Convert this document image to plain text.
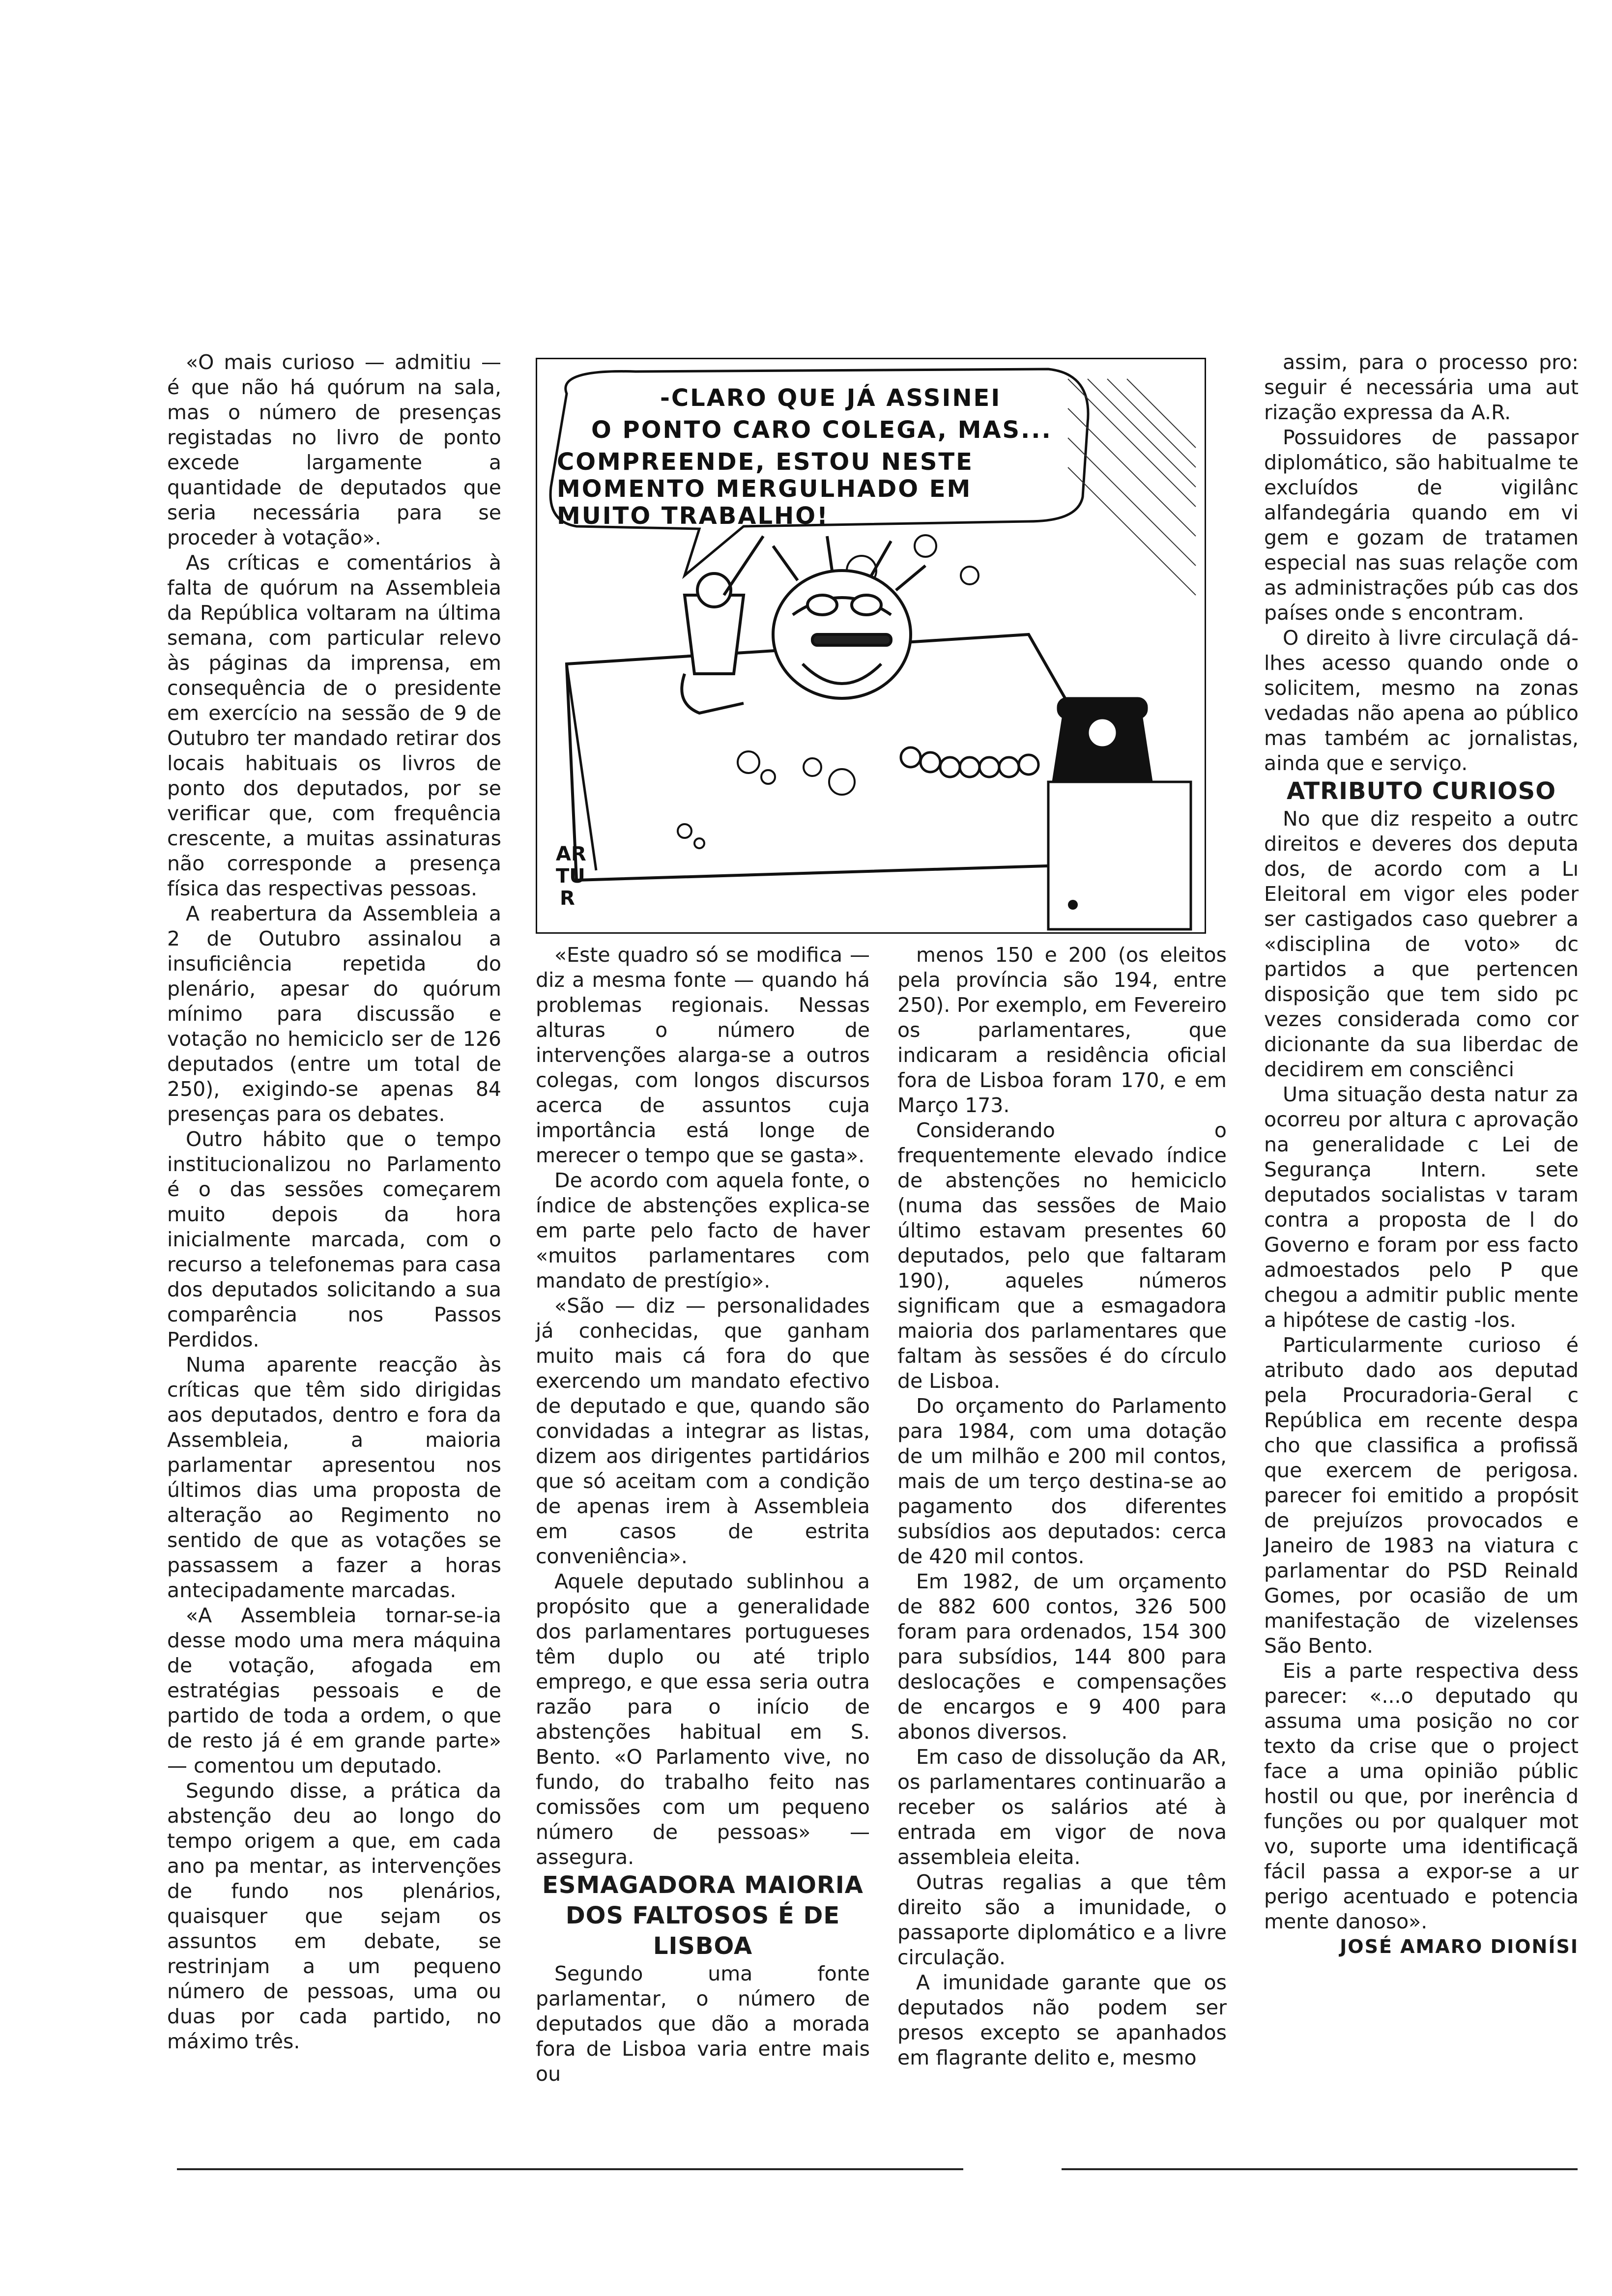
«O mais curioso — admitiu — é que não há quórum na sala, mas o número de presenças registadas no livro de ponto excede largamente a quantidade de deputados que seria necessária para se proceder à votação».

As críticas e comentários à falta de quórum na Assembleia da República voltaram na última semana, com particular relevo às páginas da imprensa, em consequência de o presidente em exercício na sessão de 9 de Outubro ter mandado retirar dos locais habituais os livros de ponto dos deputados, por se verificar que, com frequência crescente, a muitas assinaturas não corresponde a presença física das respectivas pessoas.

A reabertura da Assembleia a 2 de Outubro assinalou a insuficiência repetida do plenário, apesar do quórum mínimo para discussão e votação no hemiciclo ser de 126 deputados (entre um total de 250), exigindo-se apenas 84 presenças para os debates.

Outro hábito que o tempo institucionalizou no Parlamento é o das sessões começarem muito depois da hora inicialmente marcada, com o recurso a telefonemas para casa dos deputados solicitando a sua comparência nos Passos Perdidos.

Numa aparente reacção às críticas que têm sido dirigidas aos deputados, dentro e fora da Assembleia, a maioria parlamentar apresentou nos últimos dias uma proposta de alteração ao Regimento no sentido de que as votações se passassem a fazer a horas antecipadamente marcadas.

«A Assembleia tornar-se-ia desse modo uma mera máquina de votação, afogada em estratégias pessoais e de partido de toda a ordem, o que de resto já é em grande parte» — comentou um deputado.

Segundo disse, a prática da abstenção deu ao longo do tempo origem a que, em cada ano pa mentar, as intervenções de fundo nos plenários, quaisquer que sejam os assuntos em debate, se restrinjam a um pequeno número de pessoas, uma ou duas por cada partido, no máximo três.

-CLARO QUE JÁ ASSINEI
O PONTO CARO COLEGA, MAS...
COMPREENDE, ESTOU NESTE
MOMENTO MERGULHADO EM
MUITO TRABALHO!
AR
TU
R

«Este quadro só se modifica — diz a mesma fonte — quando há problemas regionais. Nessas alturas o número de intervenções alarga-se a outros colegas, com longos discursos acerca de assuntos cuja importância está longe de merecer o tempo que se gasta».

De acordo com aquela fonte, o índice de abstenções explica-se em parte pelo facto de haver «muitos parlamentares com mandato de prestígio».

«São — diz — personalidades já conhecidas, que ganham muito mais cá fora do que exercendo um mandato efectivo de deputado e que, quando são convidadas a integrar as listas, dizem aos dirigentes partidários que só aceitam com a condição de apenas irem à Assembleia em casos de estrita conveniência».

Aquele deputado sublinhou a propósito que a generalidade dos parlamentares portugueses têm duplo ou até triplo emprego, e que essa seria outra razão para o início de abstenções habitual em S. Bento. «O Parlamento vive, no fundo, do trabalho feito nas comissões com um pequeno número de pessoas» — assegura.

ESMAGADORA MAIORIA
DOS FALTOSOS É DE LISBOA

Segundo uma fonte parlamentar, o número de deputados que dão a morada fora de Lisboa varia entre mais ou

menos 150 e 200 (os eleitos pela província são 194, entre 250). Por exemplo, em Fevereiro os parlamentares, que indicaram a residência oficial fora de Lisboa foram 170, e em Março 173.

Considerando o frequentemente elevado índice de abstenções no hemiciclo (numa das sessões de Maio último estavam presentes 60 deputados, pelo que faltaram 190), aqueles números significam que a esmagadora maioria dos parlamentares que faltam às sessões é do círculo de Lisboa.

Do orçamento do Parlamento para 1984, com uma dotação de um milhão e 200 mil contos, mais de um terço destina-se ao pagamento dos diferentes subsídios aos deputados: cerca de 420 mil contos.

Em 1982, de um orçamento de 882 600 contos, 326 500 foram para ordenados, 154 300 para subsídios, 144 800 para deslocações e compensações de encargos e 9 400 para abonos diversos.

Em caso de dissolução da AR, os parlamentares continuarão a receber os salários até à entrada em vigor de nova assembleia eleita.

Outras regalias a que têm direito são a imunidade, o passaporte diplomático e a livre circulação.

A imunidade garante que os deputados não podem ser presos excepto se apanhados em flagrante delito e, mesmo

assim, para o processo pro: seguir é necessária uma aut rização expressa da A.R.

Possuidores de passapor diplomático, são habitualme te excluídos de vigilânc alfandegária quando em vi gem e gozam de tratamen especial nas suas relaçõe com as administrações púb cas dos países onde s encontram.

O direito à livre circulaçã dá-lhes acesso quando onde o solicitem, mesmo na zonas vedadas não apena ao público mas também ac jornalistas, ainda que e serviço.

ATRIBUTO CURIOSO

No que diz respeito a outrc direitos e deveres dos deputa dos, de acordo com a Lı Eleitoral em vigor eles poder ser castigados caso quebrer a «disciplina de voto» dc partidos a que pertencen disposição que tem sido pc vezes considerada como cor dicionante da sua liberdac de decidirem em consciênci

Uma situação desta natur za ocorreu por altura c aprovação na generalidade c Lei de Segurança Intern. sete deputados socialistas v taram contra a proposta de l do Governo e foram por ess facto admoestados pelo P que chegou a admitir public mente a hipótese de castig -los.

Particularmente curioso é atributo dado aos deputad pela Procuradoria-Geral c República em recente despa cho que classifica a profissã que exercem de perigosa. parecer foi emitido a propósit de prejuízos provocados e Janeiro de 1983 na viatura c parlamentar do PSD Reinald Gomes, por ocasião de um manifestação de vizelenses São Bento.

Eis a parte respectiva dess parecer: «...o deputado qu assuma uma posição no cor texto da crise que o project face a uma opinião públic hostil ou que, por inerência d funções ou por qualquer mot vo, suporte uma identificaçã fácil passa a expor-se a ur perigo acentuado e potencia mente danoso».

JOSÉ AMARO DIONÍSI
